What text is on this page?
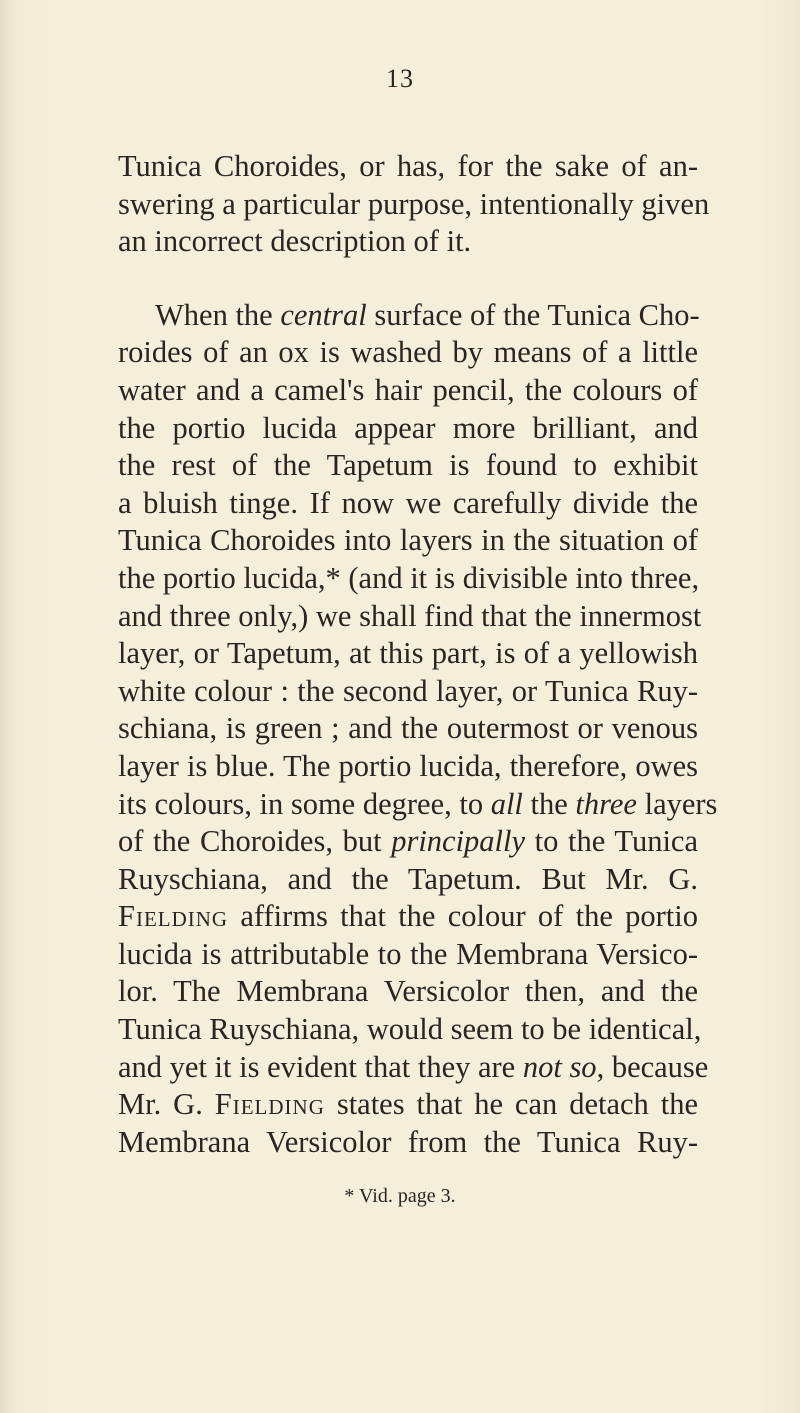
13
Tunica Choroides, or has, for the sake of an-
swering a particular purpose, intentionally given
an incorrect description of it.
When the central surface of the Tunica Cho-
roides of an ox is washed by means of a little
water and a camel's hair pencil, the colours of
the portio lucida appear more brilliant, and
the rest of the Tapetum is found to exhibit
a bluish tinge. If now we carefully divide the
Tunica Choroides into layers in the situation of
the portio lucida,* (and it is divisible into three,
and three only,) we shall find that the innermost
layer, or Tapetum, at this part, is of a yellowish
white colour : the second layer, or Tunica Ruy-
schiana, is green ; and the outermost or venous
layer is blue. The portio lucida, therefore, owes
its colours, in some degree, to all the three layers
of the Choroides, but principally to the Tunica
Ruyschiana, and the Tapetum. But Mr. G.
Fielding affirms that the colour of the portio
lucida is attributable to the Membrana Versico-
lor. The Membrana Versicolor then, and the
Tunica Ruyschiana, would seem to be identical,
and yet it is evident that they are not so, because
Mr. G. Fielding states that he can detach the
Membrana Versicolor from the Tunica Ruy-
* Vid. page 3.
